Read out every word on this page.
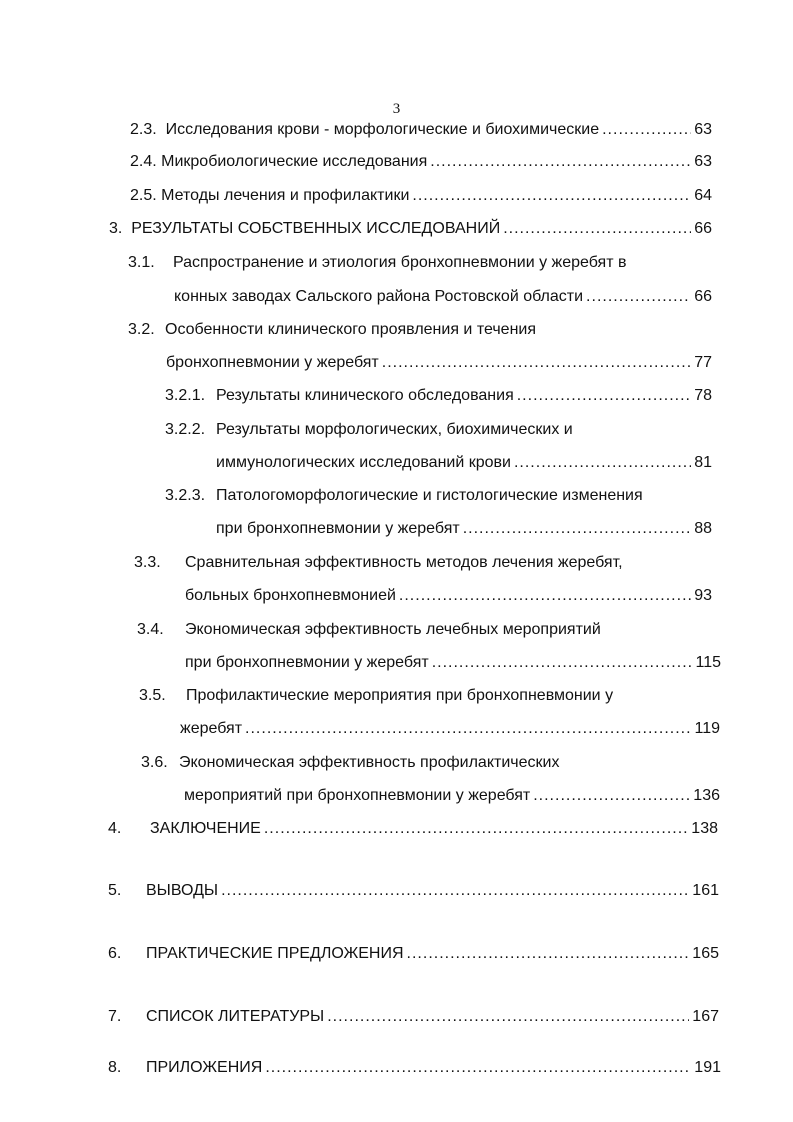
3
2.3. Исследования крови - морфологические и биохимические .....	63
2.4. Микробиологические исследования .....	63
2.5. Методы лечения и профилактики .....	64
3. РЕЗУЛЬТАТЫ СОБСТВЕННЫХ ИССЛЕДОВАНИЙ .....	66
3.1. Распространение и этиология бронхопневмонии у жеребят в
конных заводах Сальского района Ростовской области .....	66
3.2. Особенности клинического проявления и течения
бронхопневмонии у жеребят .....	77
3.2.1. Результаты клинического обследования .....	78
3.2.2. Результаты морфологических, биохимических и
иммунологических исследований крови .....	81
3.2.3. Патологоморфологические и гистологические изменения
при бронхопневмонии у жеребят .....	88
3.3. Сравнительная эффективность методов лечения жеребят,
больных бронхопневмонией .....	93
3.4. Экономическая эффективность лечебных мероприятий
при бронхопневмонии у жеребят .....	115
3.5. Профилактические мероприятия при бронхопневмонии у
жеребят .....	119
3.6. Экономическая эффективность профилактических
мероприятий при бронхопневмонии у жеребят .....	136
4. ЗАКЛЮЧЕНИЕ .....	138
5. ВЫВОДЫ .....	161
6. ПРАКТИЧЕСКИЕ ПРЕДЛОЖЕНИЯ .....	165
7. СПИСОК ЛИТЕРАТУРЫ .....	167
8. ПРИЛОЖЕНИЯ .....	191
